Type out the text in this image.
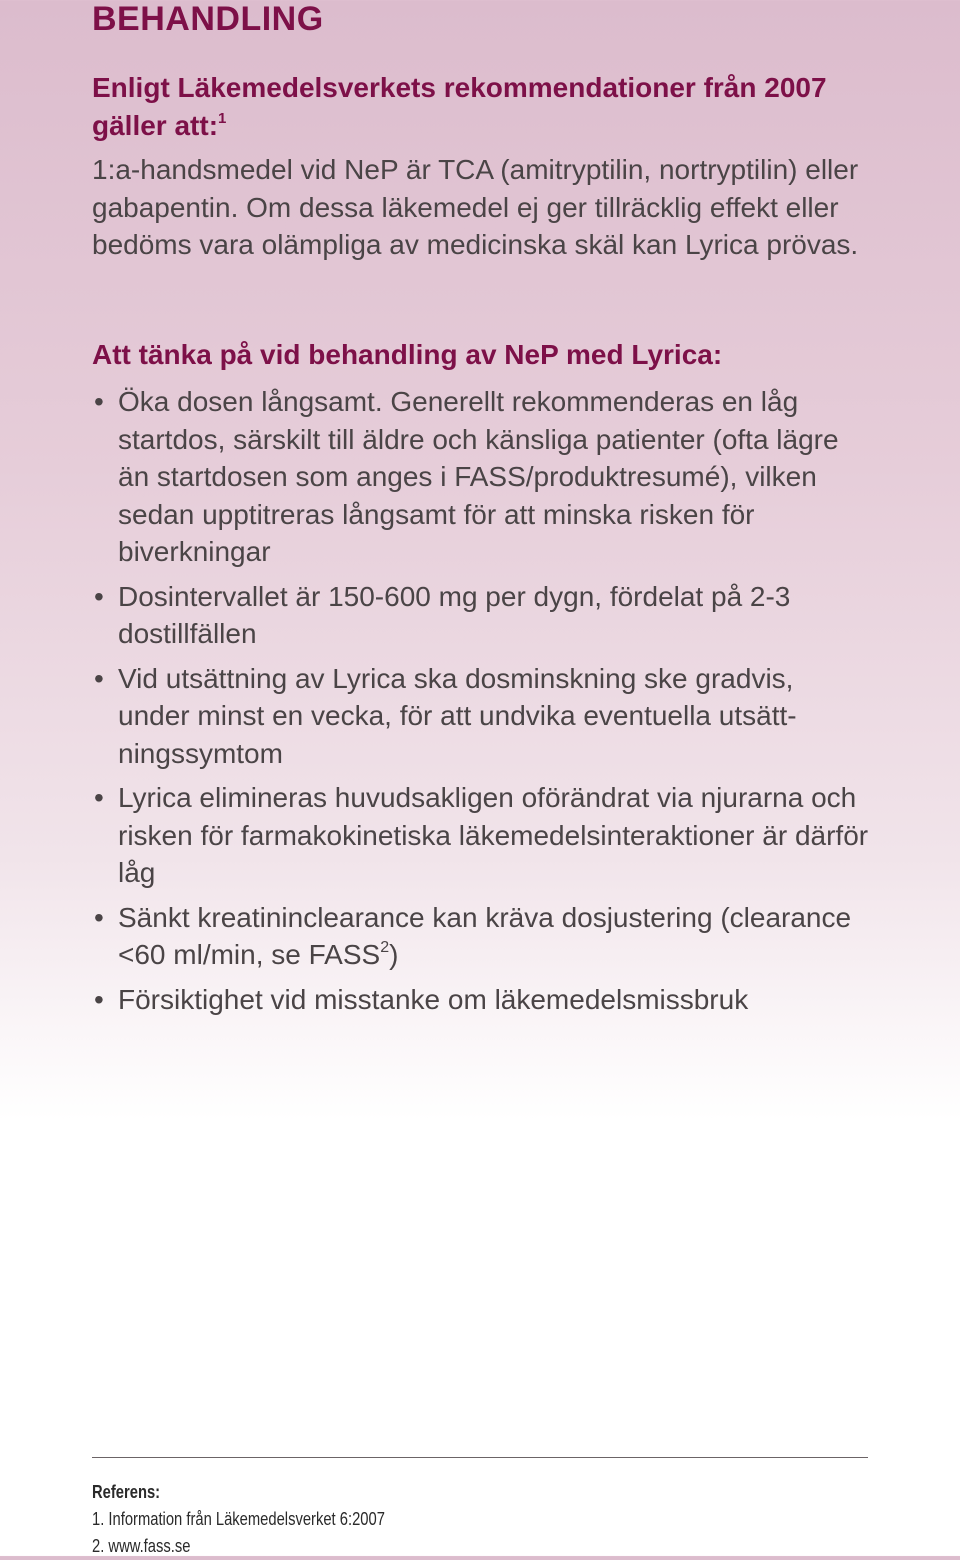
BEHANDLING
Enligt Läkemedelsverkets rekommendationer från 2007 gäller att:$^1$

1:a-handsmedel vid NeP är TCA (amitryptilin, nortryptilin) eller gabapentin. Om dessa läkemedel ej ger tillräcklig effekt eller bedöms vara olämpliga av medicinska skäl kan Lyrica prövas.

Att tänka på vid behandling av NeP med Lyrica:
• Öka dosen långsamt. Generellt rekommenderas en låg startdos, särskilt till äldre och känsliga patienter (ofta lägre än startdosen som anges i FASS/produktresumé), vilken sedan upptitreras långsamt för att minska risken för biverkningar
• Dosintervallet är 150-600 mg per dygn, fördelat på 2-3 dostillfällen
• Vid utsättning av Lyrica ska dosminskning ske gradvis, under minst en vecka, för att undvika eventuella utsätt-ningssymtom
• Lyrica elimineras huvudsakligen oförändrat via njurarna och risken för farmakokinetiska läkemedelsinteraktioner är därför låg
• Sänkt kreatininclearance kan kräva dosjustering (clearance <60 ml/min, se FASS$^2$)
• Försiktighet vid misstanke om läkemedelsmissbruk
Referens:
1. Information från Läkemedelsverket 6:2007
2. www.fass.se
